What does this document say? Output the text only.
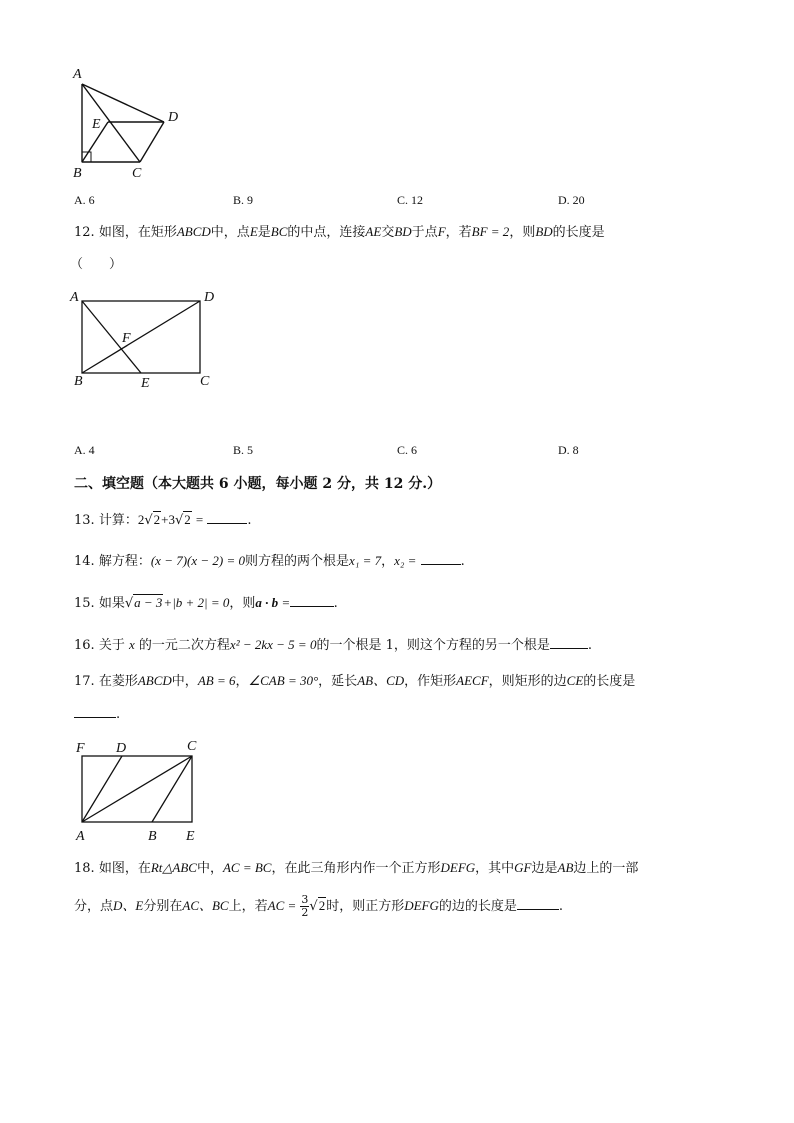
A
E	D
B	C
A. 6	B. 9	C. 12	D. 20
12. 如图，在矩形ABCD中，点E是BC的中点，连接AE交BD于点F，若BF = 2，则BD的长度是
（　　）
A	D
F
B	E	C
A. 4	B. 5	C. 6	D. 8
二、填空题（本大题共 6 小题，每小题 2 分，共 12 分.）
13. 计算：2√2+3√2 =	.
14. 解方程：(x − 7)(x − 2) = 0则方程的两个根是x₁ = 7，x₂ =	.
15. 如果√a − 3+|b + 2| = 0，则a · b =	.
16. 关于 x 的一元二次方程x² − 2kx − 5 = 0的一个根是 1，则这个方程的另一个根是	.
17. 在菱形ABCD中，AB = 6，∠CAB = 30°，延长AB、CD，作矩形AECF，则矩形的边CE的长度是
.
F D	C
A	B E
18. 如图，在Rt△ABC中，AC = BC，在此三角形内作一个正方形DEFG，其中GF边是AB边上的一部
分，点D、E分别在AC、BC上，若AC = $\frac{3}{2} √2$时，则正方形DEFG的边的长度是	.
